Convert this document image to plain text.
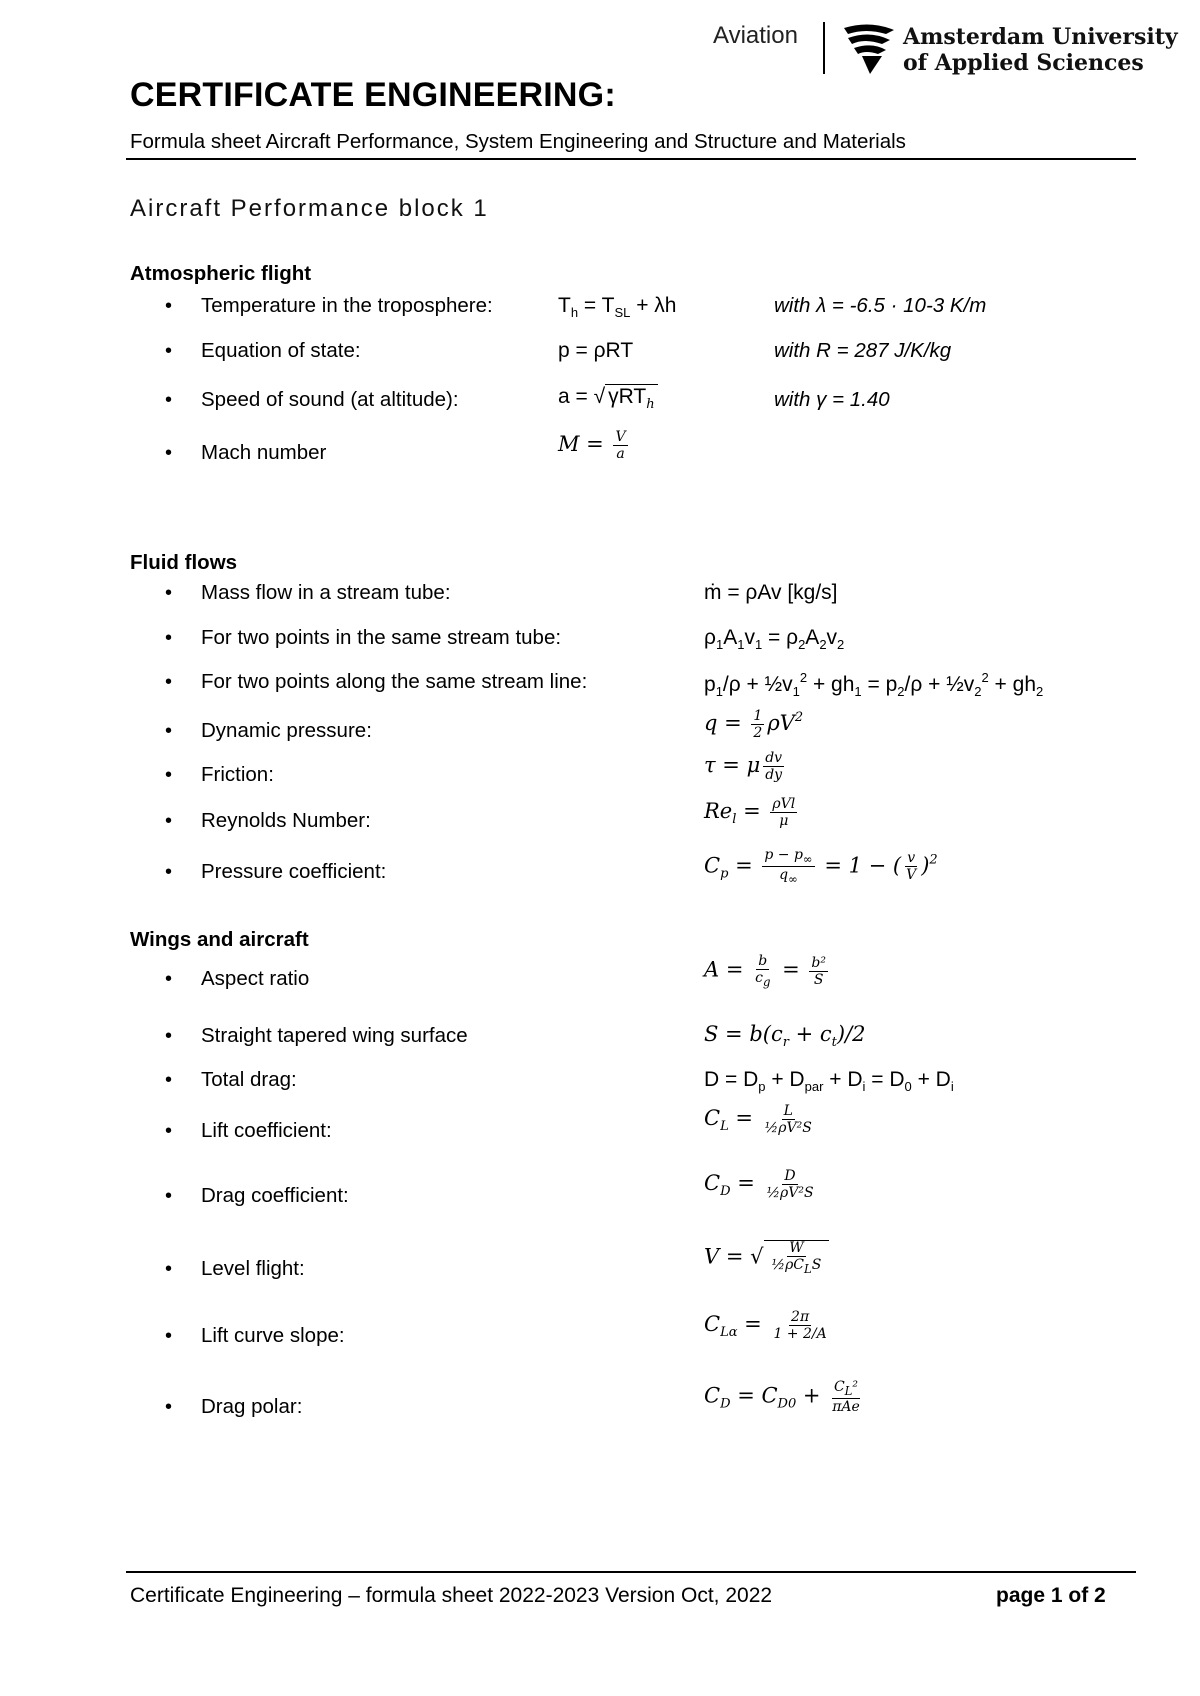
Aviation	Amsterdam University
of Applied Sciences
CERTIFICATE ENGINEERING:
Formula sheet Aircraft Performance, System Engineering and Structure and Materials
Aircraft Performance block 1
Atmospheric flight
• Temperature in the troposphere:	$T_h = T_{SL} + \lambda h$	with λ = -6.5 · 10-3 K/m
• Equation of state:	p = ρRT	with R = 287 J/K/kg
• Speed of sound (at altitude):	a = √ γRT$_h$	with γ = 1.40
• Mach number	$M = \frac{V}{a}$
Fluid flows
• Mass flow in a stream tube:	ṁ = ρAv [kg/s]
• For two points in the same stream tube:	$\rho_1A_1v_1 = \rho_2A_2v_2$
• For two points along the same stream line:	$p_1/\rho$ + $\frac{1}{2}v_1^2 + gh_1 = p_2/\rho$ + $\frac{1}{2}v_2^2 + gh_2$
• Dynamic pressure:	$q = \frac{1}{2} \rho V^2$
• Friction:	τ = μ $\frac{dv}{dy}$
• Reynolds Number:	$Re_l = \frac{\text{ρVl}}{\mu}$
• Pressure coefficient:	$C_p = \frac{p - p_\infty}{q_\infty} = 1$ − ( $\frac{v}{V} )^2$
Wings and aircraft
• Aspect ratio	$A = \frac{b}{c_g} = \frac{\text{b²}}{S}$
• Straight tapered wing surface	$S = b(c_r + c_t)/2$
• Total drag:	$D = D_p + D_{par} + D_i = D_0 + D_i$
• Lift coefficient:
$C_L = \frac{L}{\text{½ρV²S}}$
• Drag coefficient:
$C_D = \frac{D}{\text{½ρV²S}}$
• Level flight:	V = √ $\frac{W}{\frac{1}{2}\rho C_LS}$
• Lift curve slope:	$C_{L\alpha} = \frac{2\pi}{1 + 2/A}$
• Drag polar:	$C_D = C_{D0} + \frac{C_L^2}{\text{πAe}}$
Certificate Engineering – formula sheet 2022-2023 Version Oct, 2022	page 1 of 2
